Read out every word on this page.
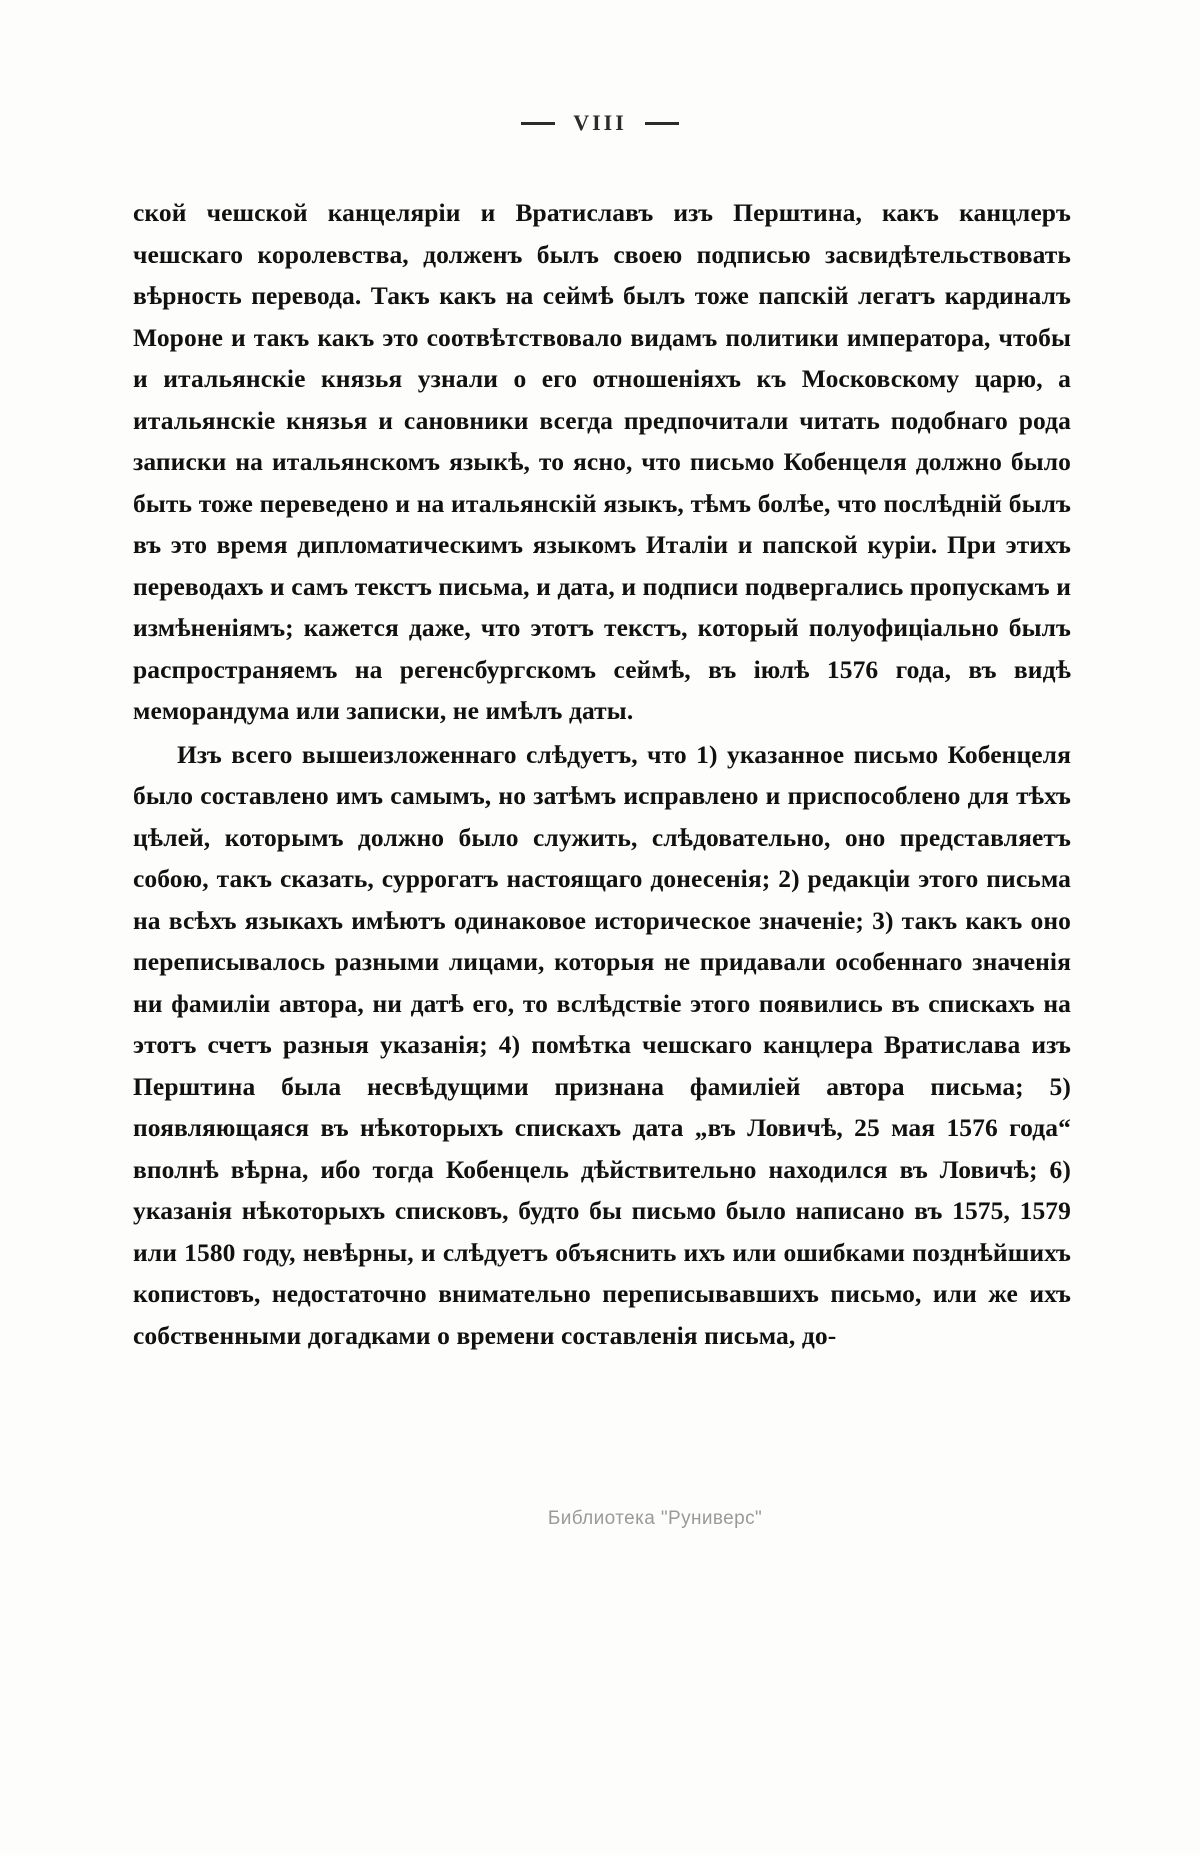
VIII

ской чешской канцелярiи и Вратиславъ изъ Перштина, какъ канцлеръ чешскаго королевства, долженъ былъ своею подписью засвидѣтельствовать вѣрность перевода. Такъ какъ на сеймѣ былъ тоже папскiй легатъ кардиналъ Мороне и такъ какъ это соотвѣтствовало видамъ политики императора, чтобы и итальянскiе князья узнали о его отношенiяхъ къ Московскому царю, а итальянскiе князья и сановники всегда предпочитали читать подобнаго рода записки на итальянскомъ языкѣ, то ясно, что письмо Кобенцеля должно было быть тоже переведено и на итальянскiй языкъ, тѣмъ болѣе, что послѣднiй былъ въ это время дипломатическимъ языкомъ Италiи и папской курiи. При этихъ переводахъ и самъ текстъ письма, и дата, и подписи подвергались пропускамъ и измѣненiямъ; кажется даже, что этотъ текстъ, который полуофицiально былъ распространяемъ на регенсбургскомъ сеймѣ, въ iюлѣ 1576 года, въ видѣ меморандума или записки, не имѣлъ даты.

Изъ всего вышеизложеннаго слѣдуетъ, что 1) указанное письмо Кобенцеля было составлено имъ самымъ, но затѣмъ исправлено и приспособлено для тѣхъ цѣлей, которымъ должно было служить, слѣдовательно, оно представляетъ собою, такъ сказать, суррогатъ настоящаго донесенiя; 2) редакцiи этого письма на всѣхъ языкахъ имѣютъ одинаковое историческое значенiе; 3) такъ какъ оно переписывалось разными лицами, которыя не придавали особеннаго значенiя ни фамилiи автора, ни датѣ его, то вслѣдствiе этого появились въ спискахъ на этотъ счетъ разныя указанiя; 4) помѣтка чешскаго канцлера Вратислава изъ Перштина была несвѣдущими признана фамилiей автора письма; 5) появляющаяся въ нѣкоторыхъ спискахъ дата „въ Ловичѣ, 25 мая 1576 года“ вполнѣ вѣрна, ибо тогда Кобенцель дѣйствительно находился въ Ловичѣ; 6) указанiя нѣкоторыхъ списковъ, будто бы письмо было написано въ 1575, 1579 или 1580 году, невѣрны, и слѣдуетъ объяснить ихъ или ошибками позднѣйшихъ копистовъ, недостаточно внимательно переписывавшихъ письмо, или же ихъ собственными догадками о времени составленiя письма, до-

Библиотека "Руниверс"
